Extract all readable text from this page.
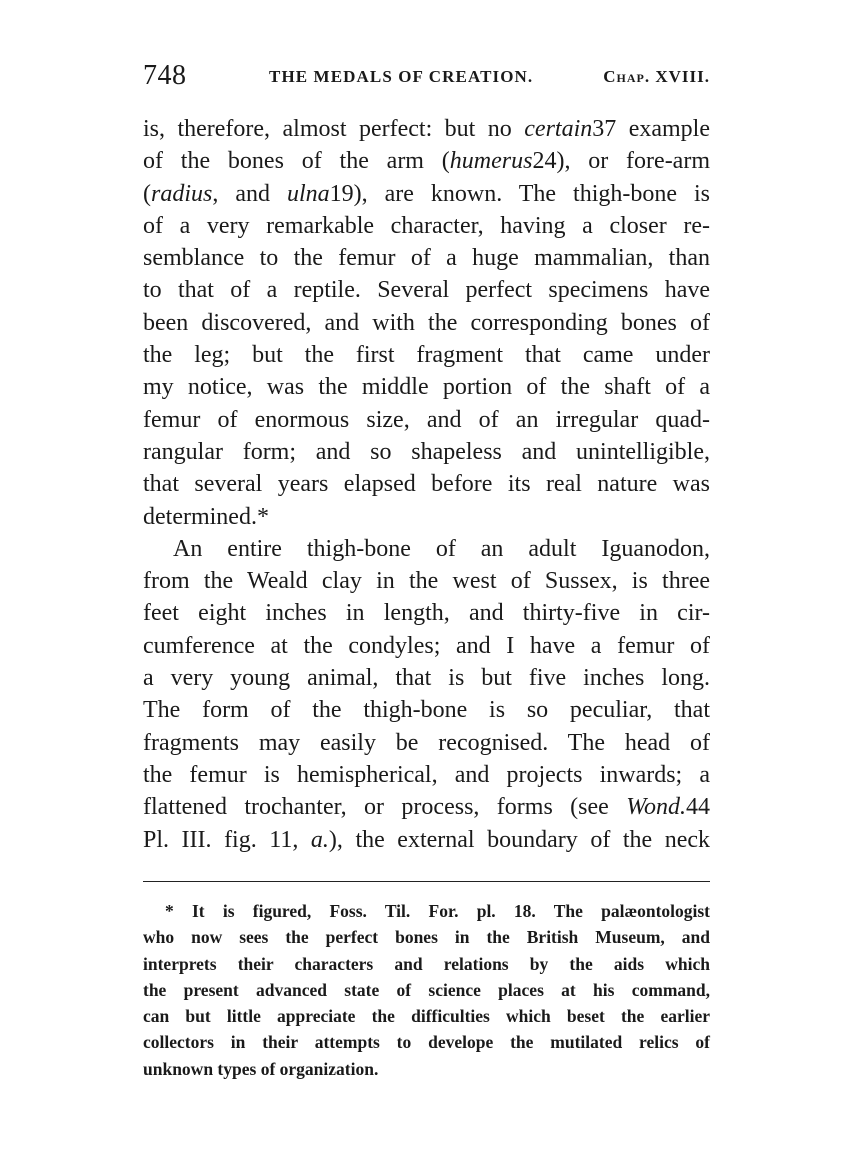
748	THE MEDALS OF CREATION.	Chap. XVIII.
is, therefore, almost perfect: but no certain37 example
of the bones of the arm (humerus24), or fore-arm
(radius, and ulna19), are known. The thigh-bone is
of a very remarkable character, having a closer re-
semblance to the femur of a huge mammalian, than
to that of a reptile. Several perfect specimens have
been discovered, and with the corresponding bones of
the leg; but the first fragment that came under
my notice, was the middle portion of the shaft of a
femur of enormous size, and of an irregular quad-
rangular form; and so shapeless and unintelligible,
that several years elapsed before its real nature was
determined.*
An entire thigh-bone of an adult Iguanodon,
from the Weald clay in the west of Sussex, is three
feet eight inches in length, and thirty-five in cir-
cumference at the condyles; and I have a femur of
a very young animal, that is but five inches long.
The form of the thigh-bone is so peculiar, that
fragments may easily be recognised. The head of
the femur is hemispherical, and projects inwards; a
flattened trochanter, or process, forms (see Wond.44
Pl. III. fig. 11, a.), the external boundary of the neck
* It is figured, Foss. Til. For. pl. 18. The palæontologist
who now sees the perfect bones in the British Museum, and
interprets their characters and relations by the aids which
the present advanced state of science places at his command,
can but little appreciate the difficulties which beset the earlier
collectors in their attempts to develope the mutilated relics of
unknown types of organization.
